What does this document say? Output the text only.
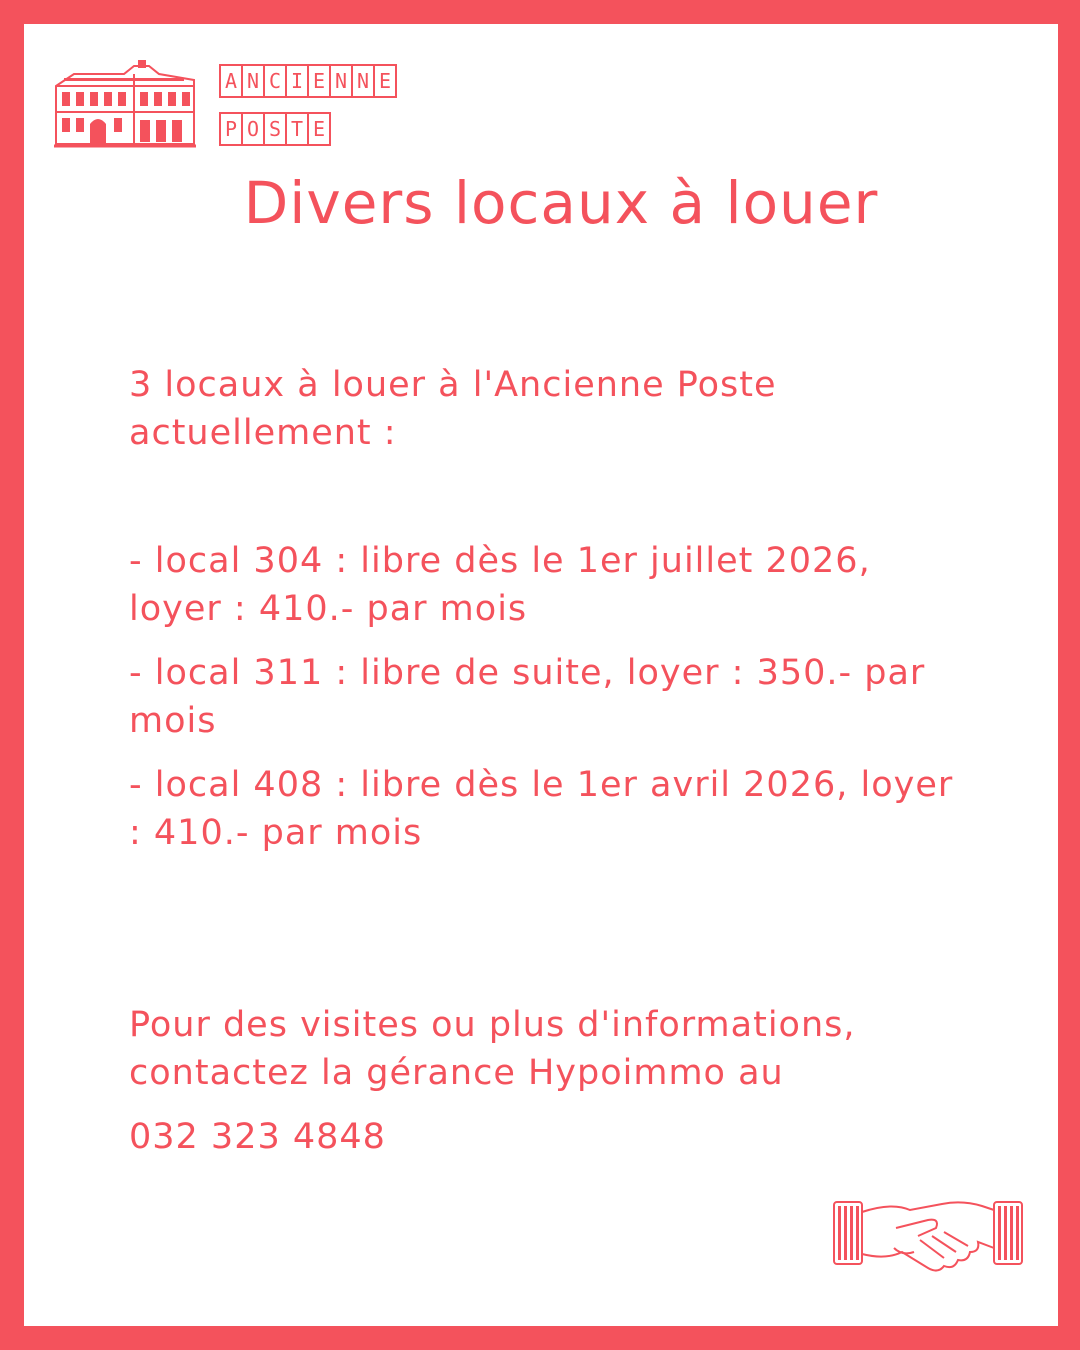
A N C I E N N E
P O S T E
Divers locaux à louer

3 locaux à louer à l'Ancienne Poste actuellement :

- local 304 : libre dès le 1er juillet 2026, loyer : 410.- par mois

- local 311 : libre de suite, loyer : 350.- par mois

- local 408 : libre dès le 1er avril 2026, loyer : 410.- par mois

Pour des visites ou plus d'informations, contactez la gérance Hypoimmo au

032 323 4848
